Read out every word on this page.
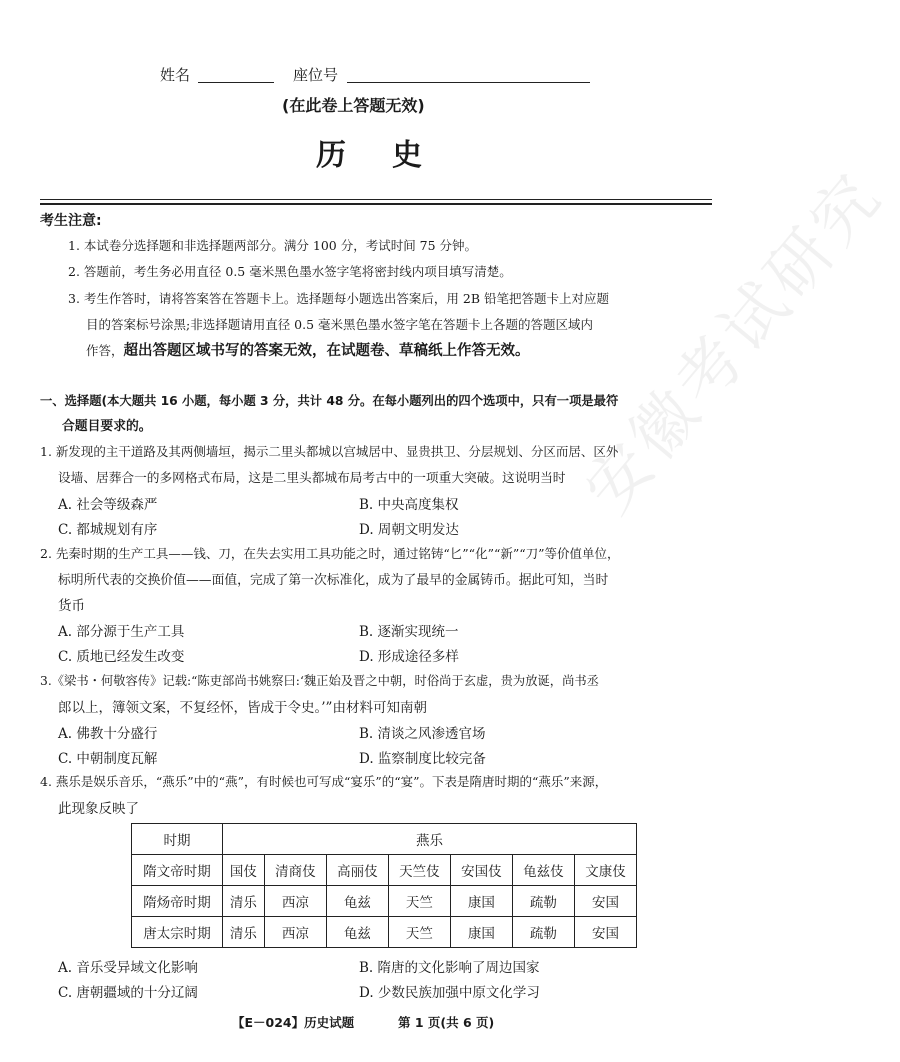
安徽考试研究
姓名	座位号
(在此卷上答题无效)
历　史
考生注意:
1. 本试卷分选择题和非选择题两部分。满分 100 分，考试时间 75 分钟。
2. 答题前，考生务必用直径 0.5 毫米黑色墨水签字笔将密封线内项目填写清楚。
3. 考生作答时，请将答案答在答题卡上。选择题每小题选出答案后，用 2B 铅笔把答题卡上对应题
目的答案标号涂黑;非选择题请用直径 0.5 毫米黑色墨水签字笔在答题卡上各题的答题区域内
作答，超出答题区域书写的答案无效，在试题卷、草稿纸上作答无效。
一、选择题(本大题共 16 小题，每小题 3 分，共计 48 分。在每小题列出的四个选项中，只有一项是最符
合题目要求的。
1. 新发现的主干道路及其两侧墙垣，揭示二里头都城以宫城居中、显贵拱卫、分层规划、分区而居、区外
设墙、居葬合一的多网格式布局，这是二里头都城布局考古中的一项重大突破。这说明当时
A. 社会等级森严	B. 中央高度集权
C. 都城规划有序	D. 周朝文明发达
2. 先秦时期的生产工具——钱、刀，在失去实用工具功能之时，通过铭铸“匕”“化”“新”“刀”等价值单位，
标明所代表的交换价值——面值，完成了第一次标准化，成为了最早的金属铸币。据此可知，当时
货币
A. 部分源于生产工具	B. 逐渐实现统一
C. 质地已经发生改变	D. 形成途径多样
3.《梁书・何敬容传》记载:“陈吏部尚书姚察曰:‘魏正始及晋之中朝，时俗尚于玄虚，贵为放诞，尚书丞
郎以上，簿领文案，不复经怀，皆成于令史。’”由材料可知南朝
A. 佛教十分盛行	B. 清谈之风渗透官场
C. 中朝制度瓦解	D. 监察制度比较完备
4. 燕乐是娱乐音乐，“燕乐”中的“燕”，有时候也可写成“宴乐”的“宴”。下表是隋唐时期的“燕乐”来源，
此现象反映了
时期	燕乐						
隋文帝时期	国伎	清商伎	高丽伎	天竺伎	安国伎	龟兹伎	文康伎
隋炀帝时期	清乐	西凉	龟兹	天竺	康国	疏勒	安国
唐太宗时期	清乐	西凉	龟兹	天竺	康国	疏勒	安国
A. 音乐受异域文化影响	B. 隋唐的文化影响了周边国家
C. 唐朝疆域的十分辽阔	D. 少数民族加强中原文化学习
【E－024】历史试题	第 1 页(共 6 页)
